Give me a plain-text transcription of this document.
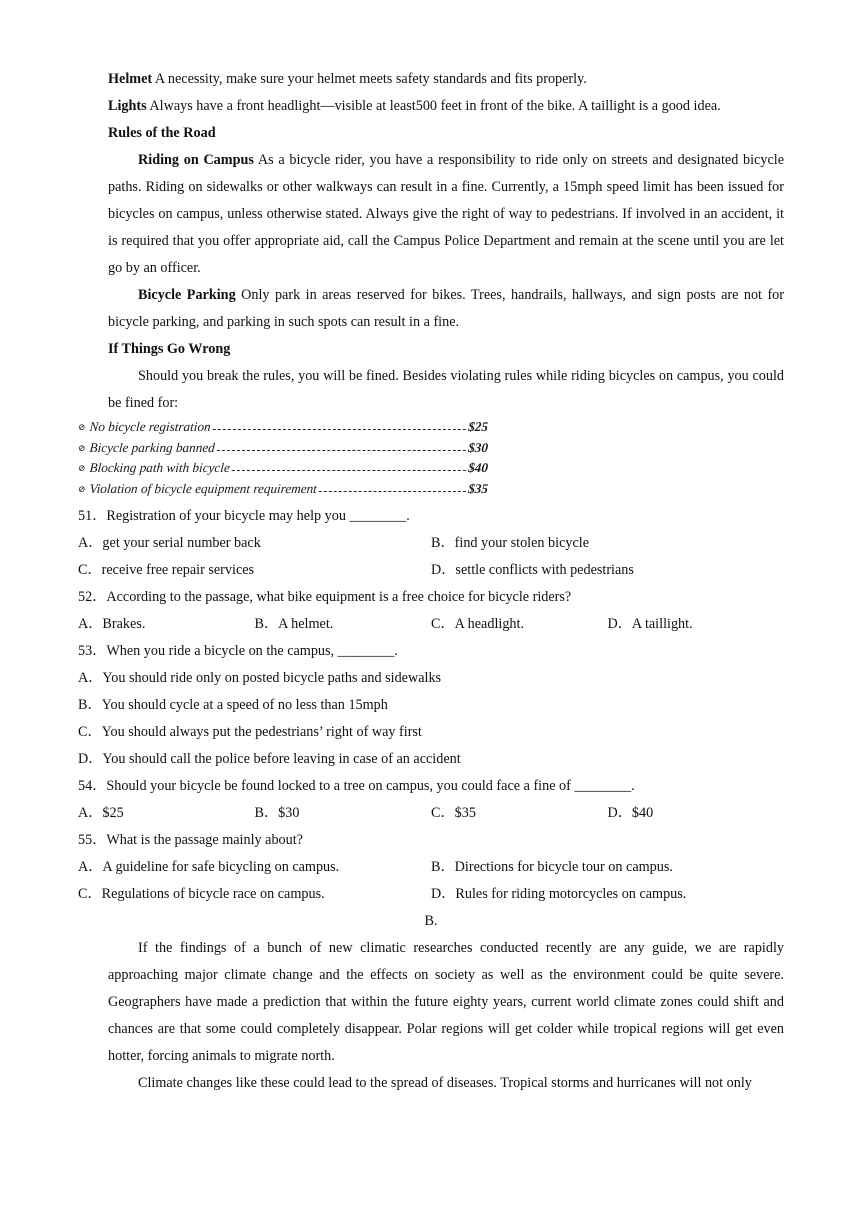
Helmet A necessity, make sure your helmet meets safety standards and fits properly.
Lights Always have a front headlight—visible at least500 feet in front of the bike. A taillight is a good idea.
Rules of the Road

Riding on Campus As a bicycle rider, you have a responsibility to ride only on streets and designated bicycle paths. Riding on sidewalks or other walkways can result in a fine. Currently, a 15mph speed limit has been issued for bicycles on campus, unless otherwise stated. Always give the right of way to pedestrians. If involved in an accident, it is required that you offer appropriate aid, call the Campus Police Department and remain at the scene until you are let go by an officer.

Bicycle Parking Only park in areas reserved for bikes. Trees, handrails, hallways, and sign posts are not for bicycle parking, and parking in such spots can result in a fine.

If Things Go Wrong

Should you break the rules, you will be fined. Besides violating rules while riding bicycles on campus, you could be fined for:

⊘ No bicycle registration	$25
⊘ Bicycle parking banned	$30
⊘ Blocking path with bicycle	$40
⊘ Violation of bicycle equipment requirement	$35
51．Registration of your bicycle may help you ________.
A．get your serial number back	B．find your stolen bicycle
C．receive free repair services	D．settle conflicts with pedestrians
52．According to the passage, what bike equipment is a free choice for bicycle riders?
A．Brakes.	B．A helmet.	C．A headlight.	D．A taillight.
53．When you ride a bicycle on the campus, ________.
A．You should ride only on posted bicycle paths and sidewalks
B．You should cycle at a speed of no less than 15mph
C．You should always put the pedestrians’ right of way first
D．You should call the police before leaving in case of an accident
54．Should your bicycle be found locked to a tree on campus, you could face a fine of ________.
A．$25	B．$30	C．$35	D．$40
55．What is the passage mainly about?
A．A guideline for safe bicycling on campus.	B．Directions for bicycle tour on campus.
C．Regulations of bicycle race on campus.	D．Rules for riding motorcycles on campus.
B.

If the findings of a bunch of new climatic researches conducted recently are any guide, we are rapidly approaching major climate change and the effects on society as well as the environment could be quite severe. Geographers have made a prediction that within the future eighty years, current world climate zones could shift and chances are that some could completely disappear. Polar regions will get colder while tropical regions will get even hotter, forcing animals to migrate north.

Climate changes like these could lead to the spread of diseases. Tropical storms and hurricanes will not only
